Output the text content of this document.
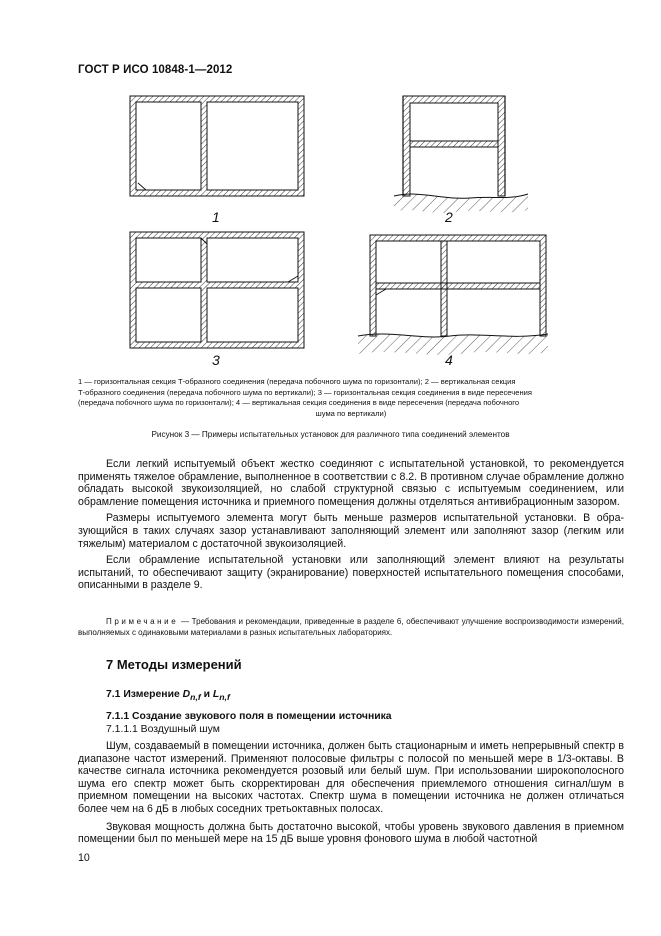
ГОСТ Р ИСО 10848-1—2012
1	2
3	4

1 — горизонтальная секция Т-образного соединения (передача побочного шума по горизонтали); 2 — вертикальная секция

Т-образного соединения (передача побочного шума по вертикали); 3 — горизонтальная секция соединения в виде пересечения

(передача побочного шума по горизонтали); 4 — вертикальная секция соединения в виде пересечения (передача побочного

шума по вертикали)

Рисунок 3 — Примеры испытательных установок для различного типа соединений элементов

Если легкий испытуемый объект жестко соединяют с испытательной установкой, то рекомендуется применять тяжелое обрамление, выполненное в соответствии с 8.2. В противном случае обрамление должно обладать высокой звукоизоляцией, но слабой структурной связью с испытуемым соединением, или обрамление помещения источника и приемного помещения должны отделяться антивибрационным зазором.

Размеры испытуемого элемента могут быть меньше размеров испытательной установки. В образующийся в таких случаях зазор устанавливают заполняющий элемент или заполняют зазор (легким или тяжелым) материалом с достаточной звукоизоляцией.

Если обрамление испытательной установки или заполняющий элемент влияют на результаты испытаний, то обеспечивают защиту (экранирование) поверхностей испытательного помещения способами, описанными в разделе 9.

Примечание — Требования и рекомендации, приведенные в разделе 6, обеспечивают улучшение воспроизводимости измерений, выполняемых с одинаковыми материалами в разных испытательных лабораториях.

7 Методы измерений
7.1 Измерение $D_{n,f}$ и $L_{n,f}$
7.1.1 Создание звукового поля в помещении источника
7.1.1.1 Воздушный шум

Шум, создаваемый в помещении источника, должен быть стационарным и иметь непрерывный спектр в диапазоне частот измерений. Применяют полосовые фильтры с полосой по меньшей мере в 1/3-октавы. В качестве сигнала источника рекомендуется розовый или белый шум. При использовании широкополосного шума его спектр может быть скорректирован для обеспечения приемлемого отношения сигнал/шум в приемном помещении на высоких частотах. Спектр шума в помещении источника не должен отличаться более чем на 6 дБ в любых соседних третьоктавных полосах.

Звуковая мощность должна быть достаточно высокой, чтобы уровень звукового давления в приемном помещении был по меньшей мере на 15 дБ выше уровня фонового шума в любой частотной

10
